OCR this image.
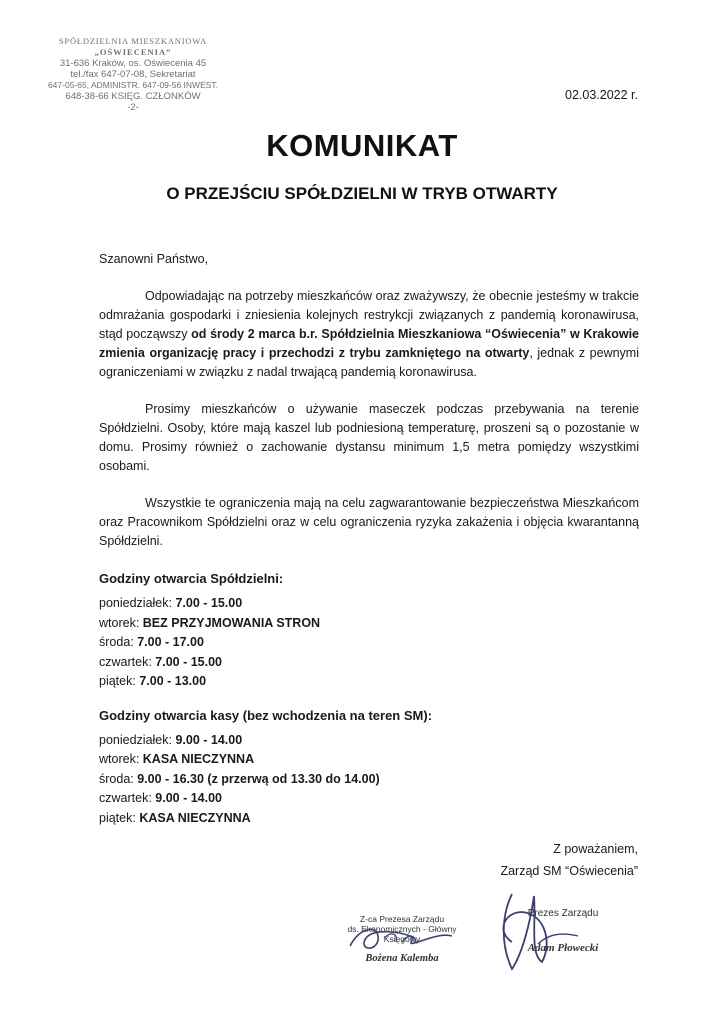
SPÓŁDZIELNIA MIESZKANIOWA
„OŚWIECENIA”
31-636 Kraków, os. Oświecenia 45
tel./fax 647-07-08, Sekretariat
647-05-65, ADMINISTR. 647-09-56 INWEST.
648-38-66 KSIĘG. CZŁONKÓW
-2-
02.03.2022 r.
KOMUNIKAT
O PRZEJŚCIU SPÓŁDZIELNI W TRYB OTWARTY

Szanowni Państwo,

Odpowiadając na potrzeby mieszkańców oraz zważywszy, że obecnie jesteśmy w trakcie odmrażania gospodarki i zniesienia kolejnych restrykcji związanych z pandemią koronawirusa, stąd począwszy od środy 2 marca b.r. Spółdzielnia Mieszkaniowa “Oświecenia” w Krakowie zmienia organizację pracy i przechodzi z trybu zamkniętego na otwarty, jednak z pewnymi ograniczeniami w związku z nadal trwającą pandemią koronawirusa.

Prosimy mieszkańców o używanie maseczek podczas przebywania na terenie Spółdzielni. Osoby, które mają kaszel lub podniesioną temperaturę, proszeni są o pozostanie w domu. Prosimy również o zachowanie dystansu minimum 1,5 metra pomiędzy wszystkimi osobami.

Wszystkie te ograniczenia mają na celu zagwarantowanie bezpieczeństwa Mieszkańcom oraz Pracownikom Spółdzielni oraz w celu ograniczenia ryzyka zakażenia i objęcia kwarantanną Spółdzielni.

Godziny otwarcia Spółdzielni:
poniedziałek: 7.00 - 15.00
wtorek: BEZ PRZYJMOWANIA STRON
środa: 7.00 - 17.00
czwartek: 7.00 - 15.00
piątek: 7.00 - 13.00
Godziny otwarcia kasy (bez wchodzenia na teren SM):
poniedziałek: 9.00 - 14.00
wtorek: KASA NIECZYNNA
środa: 9.00 - 16.30 (z przerwą od 13.30 do 14.00)
czwartek: 9.00 - 14.00
piątek: KASA NIECZYNNA
Z poważaniem,
Zarząd SM “Oświecenia”
Z-ca Prezesa Zarządu
ds. Ekonomicznych - Główny Księgowy
Bożena Kalemba
Prezes Zarządu
Adam Płowecki
